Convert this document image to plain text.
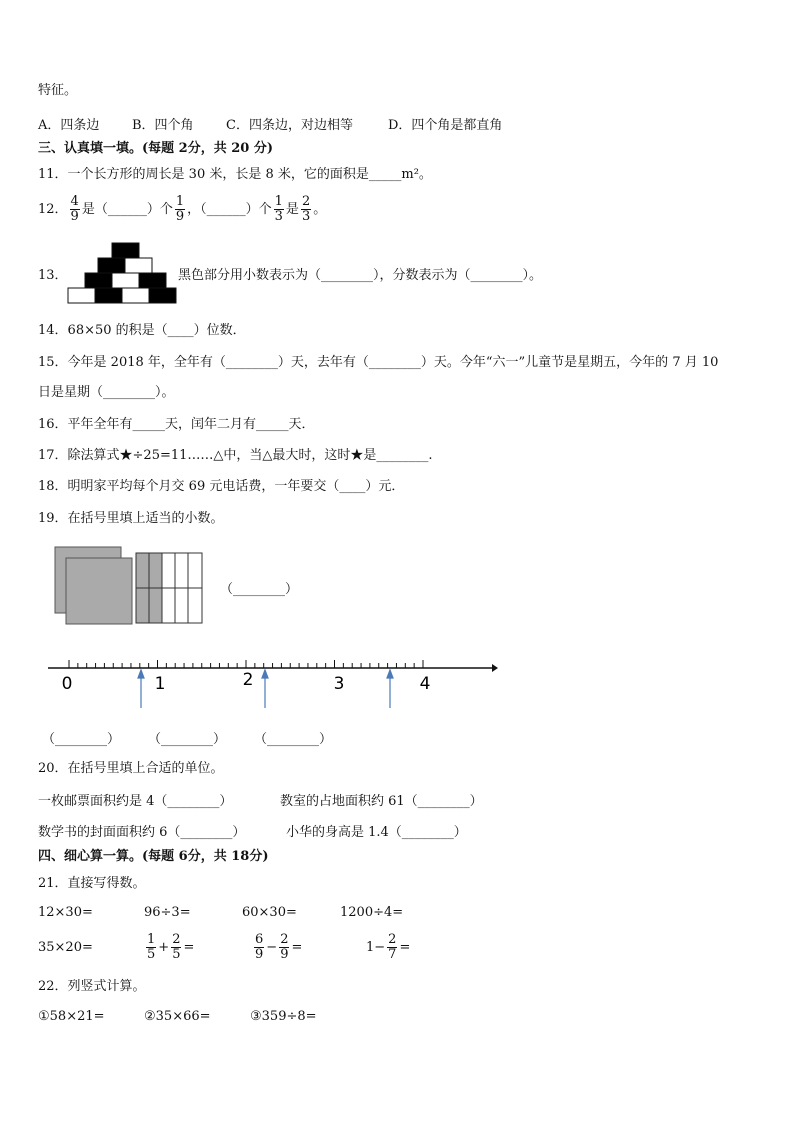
特征。
A．四条边	B．四个角 C．四条边，对边相等	D．四个角是都直角
三、认真填一填。(每题 2分，共 20 分)
11．一个长方形的周长是 30 米，长是 8 米，它的面积是_____m²。
12． $\frac{4}{9}$ 是（______）个 $\frac{1}{9}$ ，（______）个 $\frac{1}{3}$ 是 $\frac{2}{3}$ 。
13．	黑色部分用小数表示为（________），分数表示为（________）。
14．68×50 的积是（____）位数．
15．今年是 2018 年，全年有（________）天，去年有（________）天。今年“六一”儿童节是星期五，今年的 7 月 10
日是星期（________）。
16．平年全年有_____天，闰年二月有_____天．
17．除法算式★÷25=11……△中，当△最大时，这时★是________.
18．明明家平均每个月交 69 元电话费，一年要交（____）元．
19．在括号里填上适当的小数。
（________）
0	1	2	3	4
（________） （________） （________）
20．在括号里填上合适的单位。
一枚邮票面积约是 4（________）	教室的占地面积约 61（________）
数学书的封面面积约 6（________）	小华的身高是 1.4（________）
四、细心算一算。(每题 6分，共 18分)
21．直接写得数。
12×30=	96÷3=	60×30=	1200÷4=
35×20=	$\frac{1}{5} + \frac{2}{5}$ =	$\frac{6}{9} - \frac{2}{9}$ =	$1- \frac{2}{7}$ =
22．列竖式计算。
①58×21=	②35×66=	③359÷8=
